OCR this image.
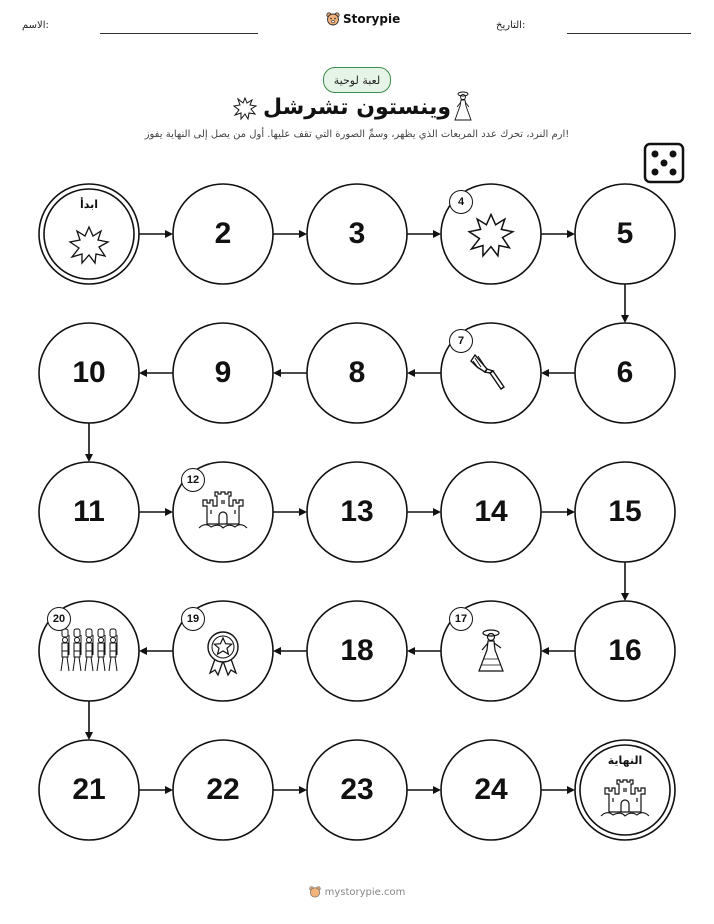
الاسم:	Storypie	التاريخ:
لعبة لوحية
وينستون تشرشل
ارم النرد، تحرك عدد المربعات الذي يظهر، وسمِّ الصورة التي تقف عليها. أول من يصل إلى النهاية يفوز!
ابدأ
2	3
4
5
6
7
8
9
10
11
12
13	14	15
16
17
18
19
20
21	22	23	24
النهاية
mystorypie.com
